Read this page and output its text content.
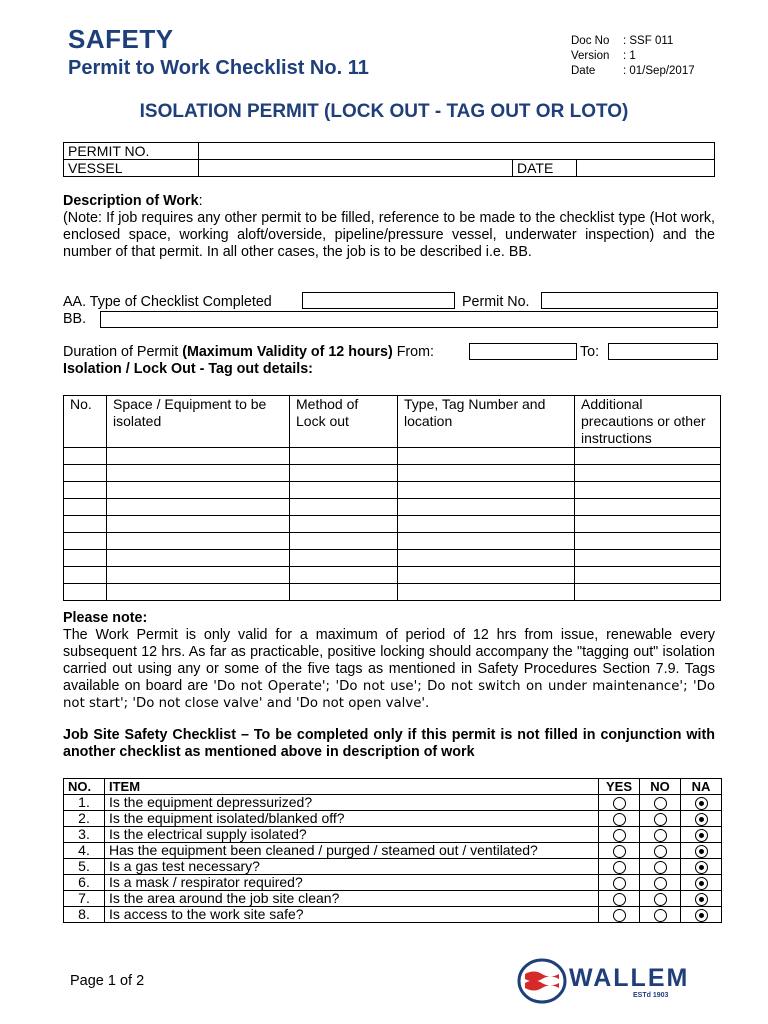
SAFETY
Permit to Work Checklist No. 11
Doc No	: SSF 011
Version	: 1
Date	: 01/Sep/2017
ISOLATION PERMIT (LOCK OUT - TAG OUT OR LOTO)
PERMIT NO.			
VESSEL		DATE	
Description of Work:
(Note: If job requires any other permit to be filled, reference to be made to the checklist type (Hot work, enclosed space, working aloft/overside, pipeline/pressure vessel, underwater inspection) and the number of that permit. In all other cases, the job is to be described i.e. BB.
AA. Type of Checklist Completed	Permit No.
BB.
Duration of Permit (Maximum Validity of 12 hours) From:	To:
Isolation / Lock Out - Tag out details:
No.	Space / Equipment to be isolated	Method of Lock out	Type, Tag Number and location	Additional precautions or other instructions

Please note:
The Work Permit is only valid for a maximum of period of 12 hrs from issue, renewable every subsequent 12 hrs. As far as practicable, positive locking should accompany the "tagging out" isolation carried out using any or some of the five tags as mentioned in Safety Procedures Section 7.9. Tags available on board are 'Do not Operate'; 'Do not use'; Do not switch on under maintenance'; 'Do not start'; 'Do not close valve' and 'Do not open valve'.
Job Site Safety Checklist – To be completed only if this permit is not filled in conjunction with another checklist as mentioned above in description of work
NO.	ITEM	YES	NO	NA
1.	Is the equipment depressurized?			
2.	Is the equipment isolated/blanked off?			
3.	Is the electrical supply isolated?			
4.	Has the equipment been cleaned / purged / steamed out / ventilated?			
5.	Is a gas test necessary?			
6.	Is a mask / respirator required?			
7.	Is the area around the job site clean?			
8.	Is access to the work site safe?			
Page 1 of 2	WALLEM
ESTd 1903
